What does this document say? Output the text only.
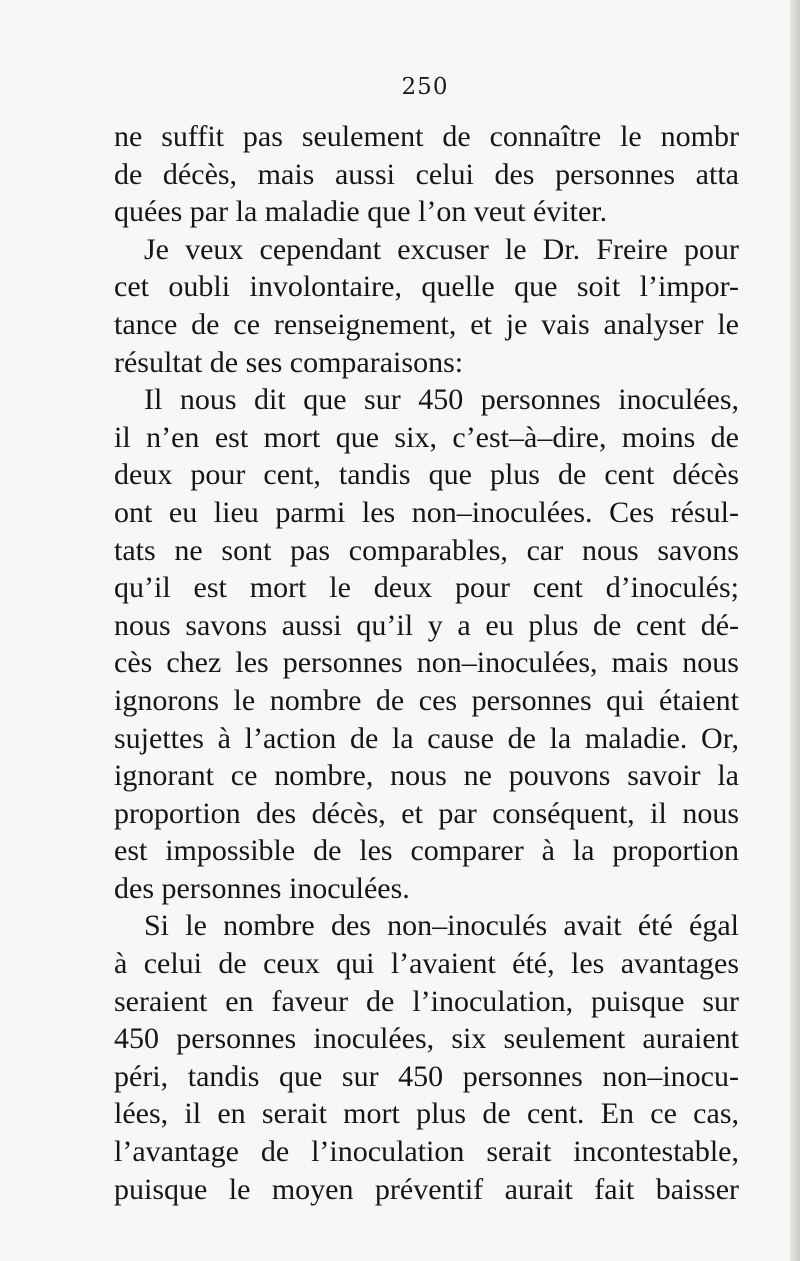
250
ne suffit pas seulement de connaître le nombr
de décès, mais aussi celui des personnes atta
quées par la maladie que l’on veut éviter.
Je veux cependant excuser le Dr. Freire pour
cet oubli involontaire, quelle que soit l’impor-
tance de ce renseignement, et je vais analyser le
résultat de ses comparaisons:
Il nous dit que sur 450 personnes inoculées,
il n’en est mort que six, c’est–à–dire, moins de
deux pour cent, tandis que plus de cent décès
ont eu lieu parmi les non–inoculées. Ces résul-
tats ne sont pas comparables, car nous savons
qu’il est mort le deux pour cent d’inoculés;
nous savons aussi qu’il y a eu plus de cent dé-
cès chez les personnes non–inoculées, mais nous
ignorons le nombre de ces personnes qui étaient
sujettes à l’action de la cause de la maladie. Or,
ignorant ce nombre, nous ne pouvons savoir la
proportion des décès, et par conséquent, il nous
est impossible de les comparer à la proportion
des personnes inoculées.
Si le nombre des non–inoculés avait été égal
à celui de ceux qui l’avaient été, les avantages
seraient en faveur de l’inoculation, puisque sur
450 personnes inoculées, six seulement auraient
péri, tandis que sur 450 personnes non–inocu-
lées, il en serait mort plus de cent. En ce cas,
l’avantage de l’inoculation serait incontestable,
puisque le moyen préventif aurait fait baisser
